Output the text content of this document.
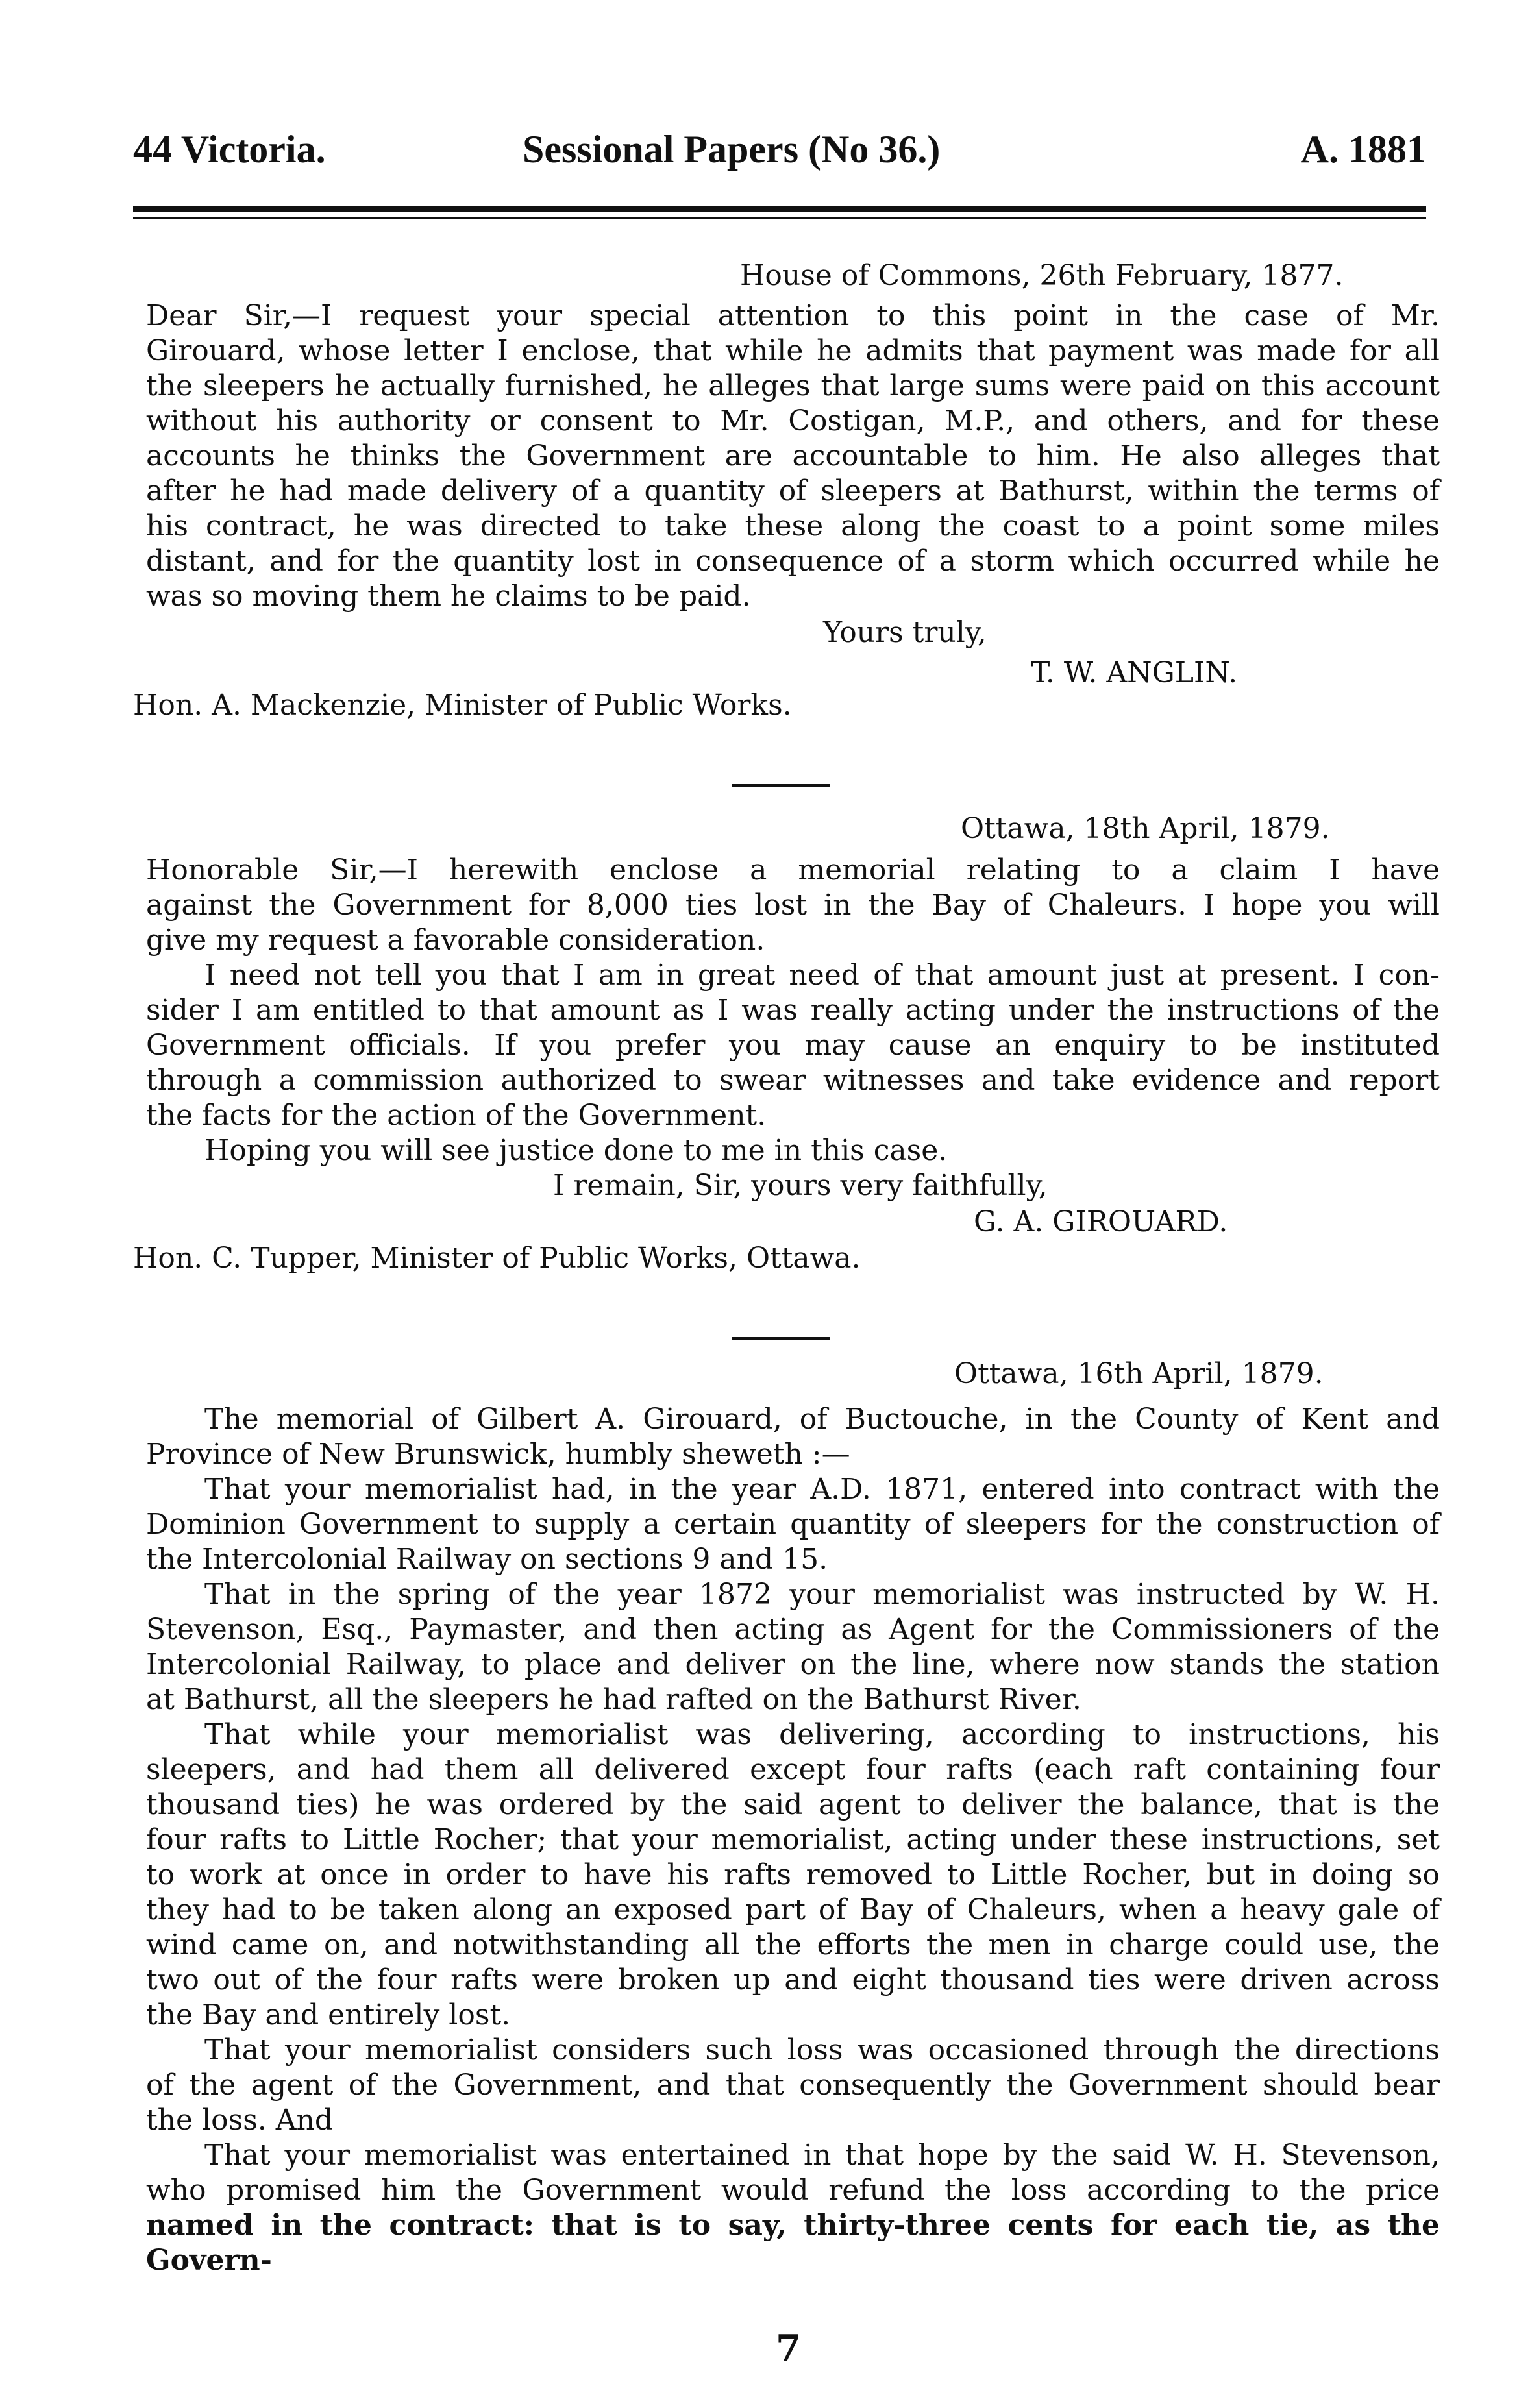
44 Victoria.	Sessional Papers (No 36.)	A. 1881
House of Commons, 26th February, 1877.
Dear Sir,—I request your special attention to this point in the case of Mr.
Girouard, whose letter I enclose, that while he admits that payment was made for all
the sleepers he actually furnished, he alleges that large sums were paid on this account
without his authority or consent to Mr. Costigan, M.P., and others, and for these
accounts he thinks the Government are accountable to him. He also alleges that
after he had made delivery of a quantity of sleepers at Bathurst, within the terms of
his contract, he was directed to take these along the coast to a point some miles
distant, and for the quantity lost in consequence of a storm which occurred while he
was so moving them he claims to be paid.
Yours truly,
T. W. ANGLIN.
Hon. A. Mackenzie, Minister of Public Works.
Ottawa, 18th April, 1879.
Honorable Sir,—I herewith enclose a memorial relating to a claim I have
against the Government for 8,000 ties lost in the Bay of Chaleurs. I hope you will
give my request a favorable consideration.
I need not tell you that I am in great need of that amount just at present. I con-
sider I am entitled to that amount as I was really acting under the instructions of the
Government officials. If you prefer you may cause an enquiry to be instituted
through a commission authorized to swear witnesses and take evidence and report
the facts for the action of the Government.
Hoping you will see justice done to me in this case.
I remain, Sir, yours very faithfully,
G. A. GIROUARD.
Hon. C. Tupper, Minister of Public Works, Ottawa.
Ottawa, 16th April, 1879.
The memorial of Gilbert A. Girouard, of Buctouche, in the County of Kent and
Province of New Brunswick, humbly sheweth :—
That your memorialist had, in the year A.D. 1871, entered into contract with the
Dominion Government to supply a certain quantity of sleepers for the construction of
the Intercolonial Railway on sections 9 and 15.
That in the spring of the year 1872 your memorialist was instructed by W. H.
Stevenson, Esq., Paymaster, and then acting as Agent for the Commissioners of the
Intercolonial Railway, to place and deliver on the line, where now stands the station
at Bathurst, all the sleepers he had rafted on the Bathurst River.
That while your memorialist was delivering, according to instructions, his
sleepers, and had them all delivered except four rafts (each raft containing four
thousand ties) he was ordered by the said agent to deliver the balance, that is the
four rafts to Little Rocher; that your memorialist, acting under these instructions, set
to work at once in order to have his rafts removed to Little Rocher, but in doing so
they had to be taken along an exposed part of Bay of Chaleurs, when a heavy gale of
wind came on, and notwithstanding all the efforts the men in charge could use, the
two out of the four rafts were broken up and eight thousand ties were driven across
the Bay and entirely lost.
That your memorialist considers such loss was occasioned through the directions
of the agent of the Government, and that consequently the Government should bear
the loss. And
That your memorialist was entertained in that hope by the said W. H. Stevenson,
who promised him the Government would refund the loss according to the price
named in the contract: that is to say, thirty-three cents for each tie, as the Govern-
7
